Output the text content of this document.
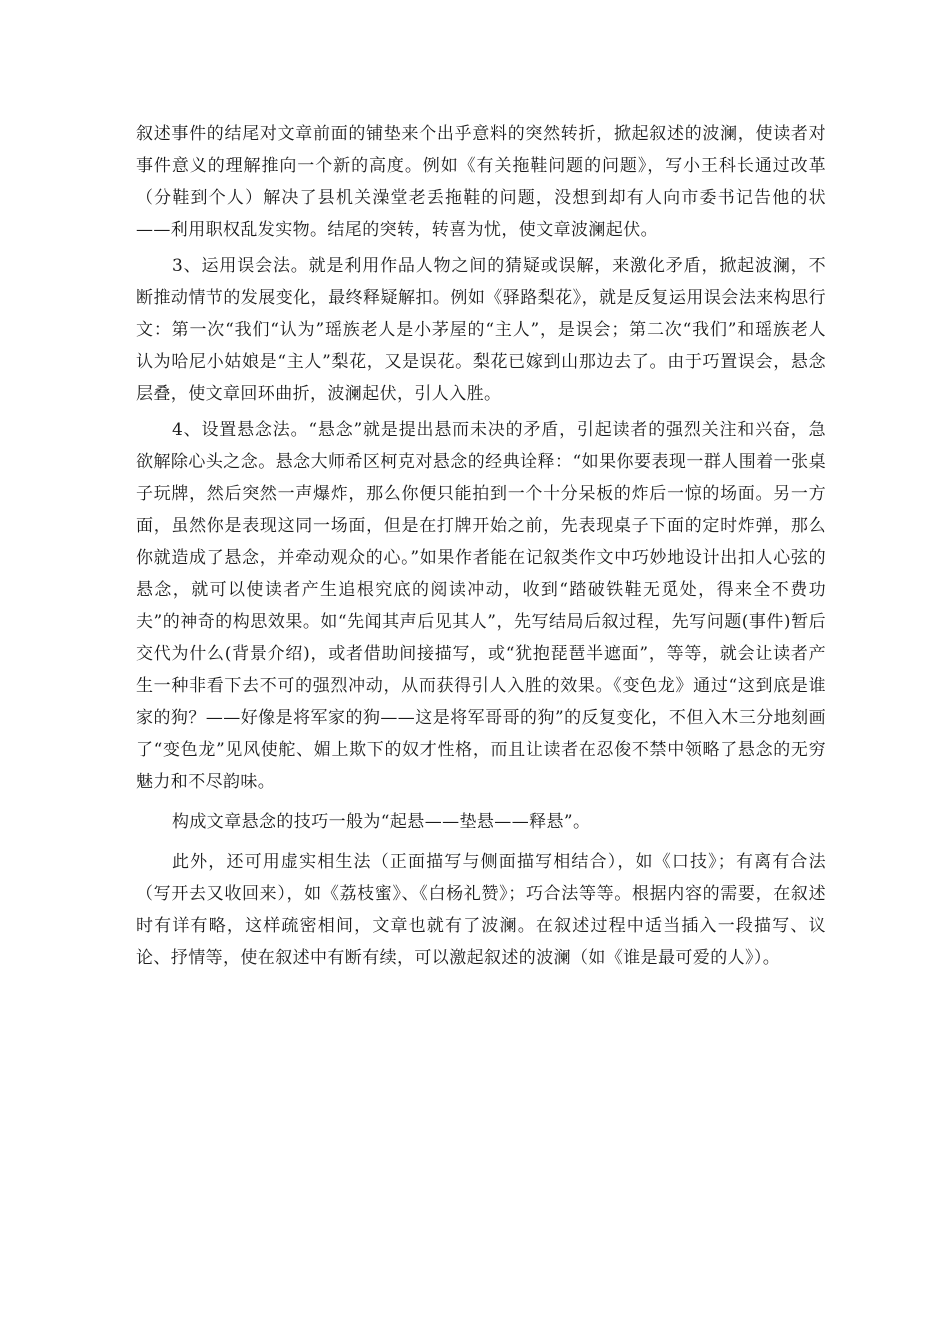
叙述事件的结尾对文章前面的铺垫来个出乎意料的突然转折，掀起叙述的波澜，使读者对事件意义的理解推向一个新的高度。例如《有关拖鞋问题的问题》，写小王科长通过改革（分鞋到个人）解决了县机关澡堂老丢拖鞋的问题，没想到却有人向市委书记告他的状——利用职权乱发实物。结尾的突转，转喜为忧，使文章波澜起伏。

3、运用误会法。就是利用作品人物之间的猜疑或误解，来激化矛盾，掀起波澜，不断推动情节的发展变化，最终释疑解扣。例如《驿路梨花》，就是反复运用误会法来构思行文：第一次“我们“认为”瑶族老人是小茅屋的“主人”，是误会；第二次“我们”和瑶族老人认为哈尼小姑娘是“主人”梨花，又是误花。梨花已嫁到山那边去了。由于巧置误会，悬念层叠，使文章回环曲折，波澜起伏，引人入胜。

4、设置悬念法。“悬念”就是提出悬而未决的矛盾，引起读者的强烈关注和兴奋，急欲解除心头之念。悬念大师希区柯克对悬念的经典诠释：“如果你要表现一群人围着一张桌子玩牌，然后突然一声爆炸，那么你便只能拍到一个十分呆板的炸后一惊的场面。另一方面，虽然你是表现这同一场面，但是在打牌开始之前，先表现桌子下面的定时炸弹，那么你就造成了悬念，并牵动观众的心。”如果作者能在记叙类作文中巧妙地设计出扣人心弦的悬念，就可以使读者产生追根究底的阅读冲动，收到“踏破铁鞋无觅处，得来全不费功夫”的神奇的构思效果。如“先闻其声后见其人”，先写结局后叙过程，先写问题(事件)暂后交代为什么(背景介绍)，或者借助间接描写，或“犹抱琵琶半遮面”，等等，就会让读者产生一种非看下去不可的强烈冲动，从而获得引人入胜的效果。《变色龙》通过“这到底是谁家的狗？——好像是将军家的狗——这是将军哥哥的狗”的反复变化，不但入木三分地刻画了“变色龙”见风使舵、媚上欺下的奴才性格，而且让读者在忍俊不禁中领略了悬念的无穷魅力和不尽韵味。

构成文章悬念的技巧一般为“起悬——垫悬——释悬”。

此外，还可用虚实相生法（正面描写与侧面描写相结合），如《口技》；有离有合法（写开去又收回来），如《荔枝蜜》、《白杨礼赞》；巧合法等等。根据内容的需要，在叙述时有详有略，这样疏密相间，文章也就有了波澜。在叙述过程中适当插入一段描写、议论、抒情等，使在叙述中有断有续，可以激起叙述的波澜（如《谁是最可爱的人》）。
